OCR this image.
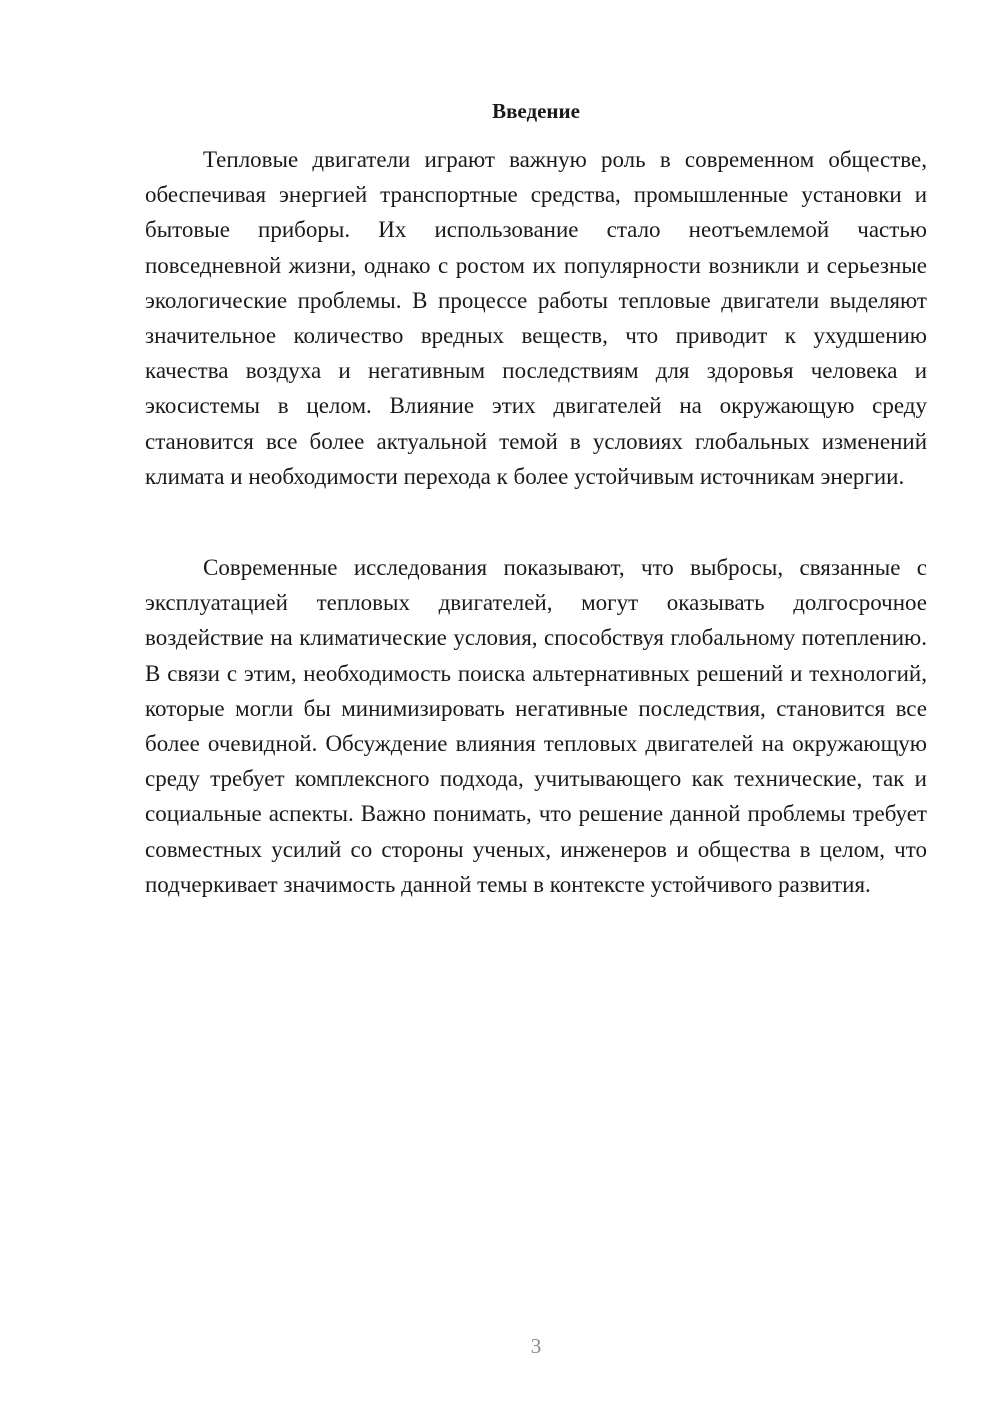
Введение

Тепловые двигатели играют важную роль в современном обществе, обеспечивая энергией транспортные средства, промышленные установки и бытовые приборы. Их использование стало неотъемлемой частью повседневной жизни, однако с ростом их популярности возникли и серьезные экологические проблемы. В процессе работы тепловые двигатели выделяют значительное количество вредных веществ, что приводит к ухудшению качества воздуха и негативным последствиям для здоровья человека и экосистемы в целом. Влияние этих двигателей на окружающую среду становится все более актуальной темой в условиях глобальных изменений климата и необходимости перехода к более устойчивым источникам энергии.

Современные исследования показывают, что выбросы, связанные с эксплуатацией тепловых двигателей, могут оказывать долгосрочное воздействие на климатические условия, способствуя глобальному потеплению. В связи с этим, необходимость поиска альтернативных решений и технологий, которые могли бы минимизировать негативные последствия, становится все более очевидной. Обсуждение влияния тепловых двигателей на окружающую среду требует комплексного подхода, учитывающего как технические, так и социальные аспекты. Важно понимать, что решение данной проблемы требует совместных усилий со стороны ученых, инженеров и общества в целом, что подчеркивает значимость данной темы в контексте устойчивого развития.

3
